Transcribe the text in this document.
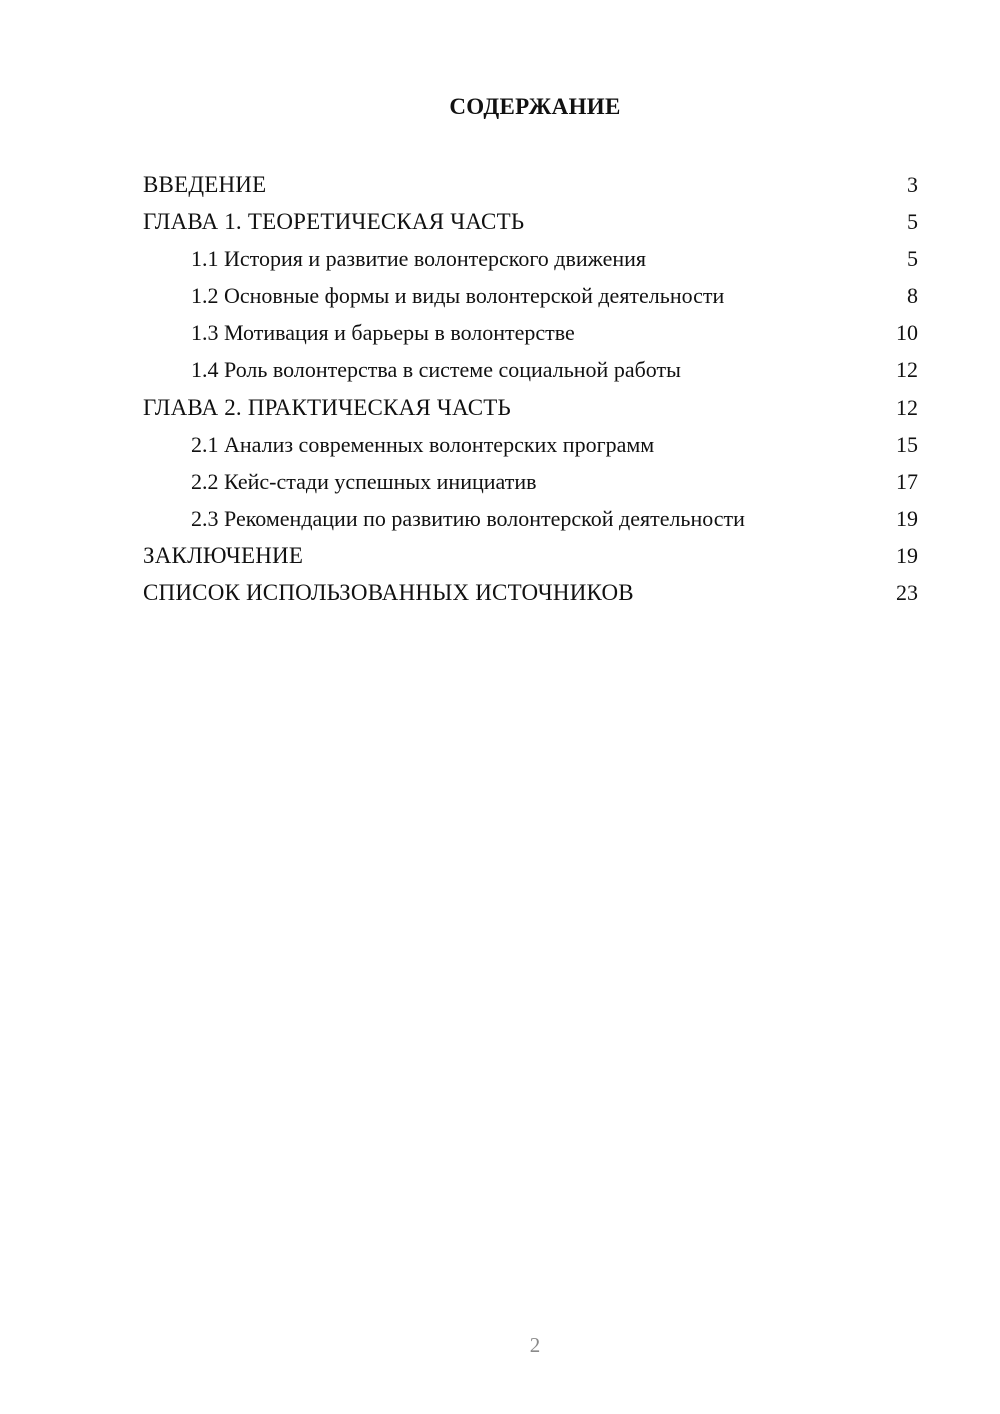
СОДЕРЖАНИЕ
ВВЕДЕНИЕ	3
ГЛАВА 1. ТЕОРЕТИЧЕСКАЯ ЧАСТЬ	5
1.1 История и развитие волонтерского движения	5
1.2 Основные формы и виды волонтерской деятельности	8
1.3 Мотивация и барьеры в волонтерстве	10
1.4 Роль волонтерства в системе социальной работы	12
ГЛАВА 2. ПРАКТИЧЕСКАЯ ЧАСТЬ	12
2.1 Анализ современных волонтерских программ	15
2.2 Кейс-стади успешных инициатив	17
2.3 Рекомендации по развитию волонтерской деятельности	19
ЗАКЛЮЧЕНИЕ	19
СПИСОК ИСПОЛЬЗОВАННЫХ ИСТОЧНИКОВ	23
2
